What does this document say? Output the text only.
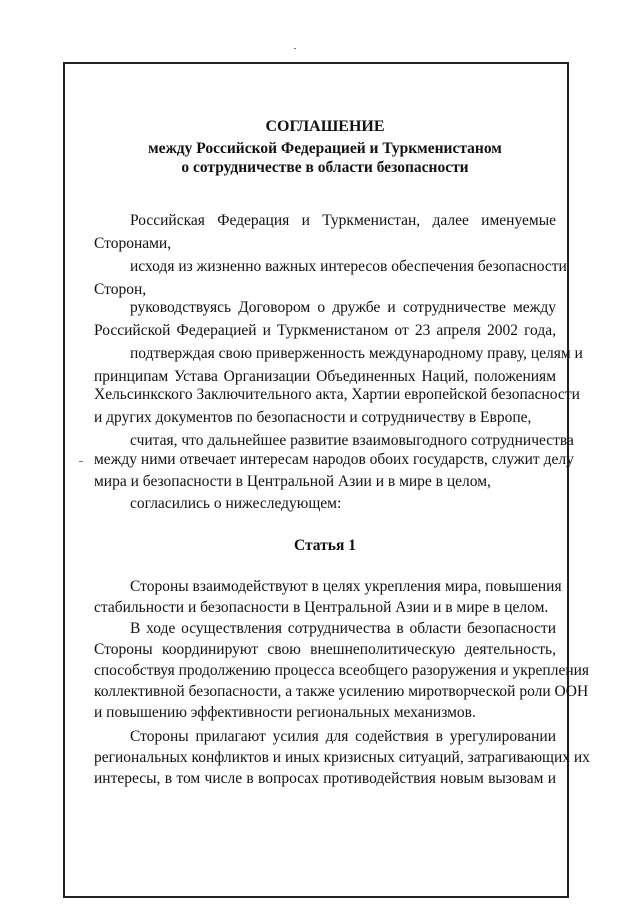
СОГЛАШЕНИЕ
между Российской Федерацией и Туркменистаном
о сотрудничестве в области безопасности
Российская Федерация и Туркменистан, далее именуемые
Сторонами,
исходя из жизненно важных интересов обеспечения безопасности
Сторон,
руководствуясь Договором о дружбе и сотрудничестве между
Российской Федерацией и Туркменистаном от 23 апреля 2002 года,
подтверждая свою приверженность международному праву, целям и
принципам Устава Организации Объединенных Наций, положениям
Хельсинкского Заключительного акта, Хартии европейской безопасности
и других документов по безопасности и сотрудничеству в Европе,
считая, что дальнейшее развитие взаимовыгодного сотрудничества
между ними отвечает интересам народов обоих государств, служит делу
мира и безопасности в Центральной Азии и в мире в целом,
согласились о нижеследующем:
Статья 1
Стороны взаимодействуют в целях укрепления мира, повышения
стабильности и безопасности в Центральной Азии и в мире в целом.
В ходе осуществления сотрудничества в области безопасности
Стороны координируют свою внешнеполитическую деятельность,
способствуя продолжению процесса всеобщего разоружения и укрепления
коллективной безопасности, а также усилению миротворческой роли ООН
и повышению эффективности региональных механизмов.
Стороны прилагают усилия для содействия в урегулировании
региональных конфликтов и иных кризисных ситуаций, затрагивающих их
интересы, в том числе в вопросах противодействия новым вызовам и
